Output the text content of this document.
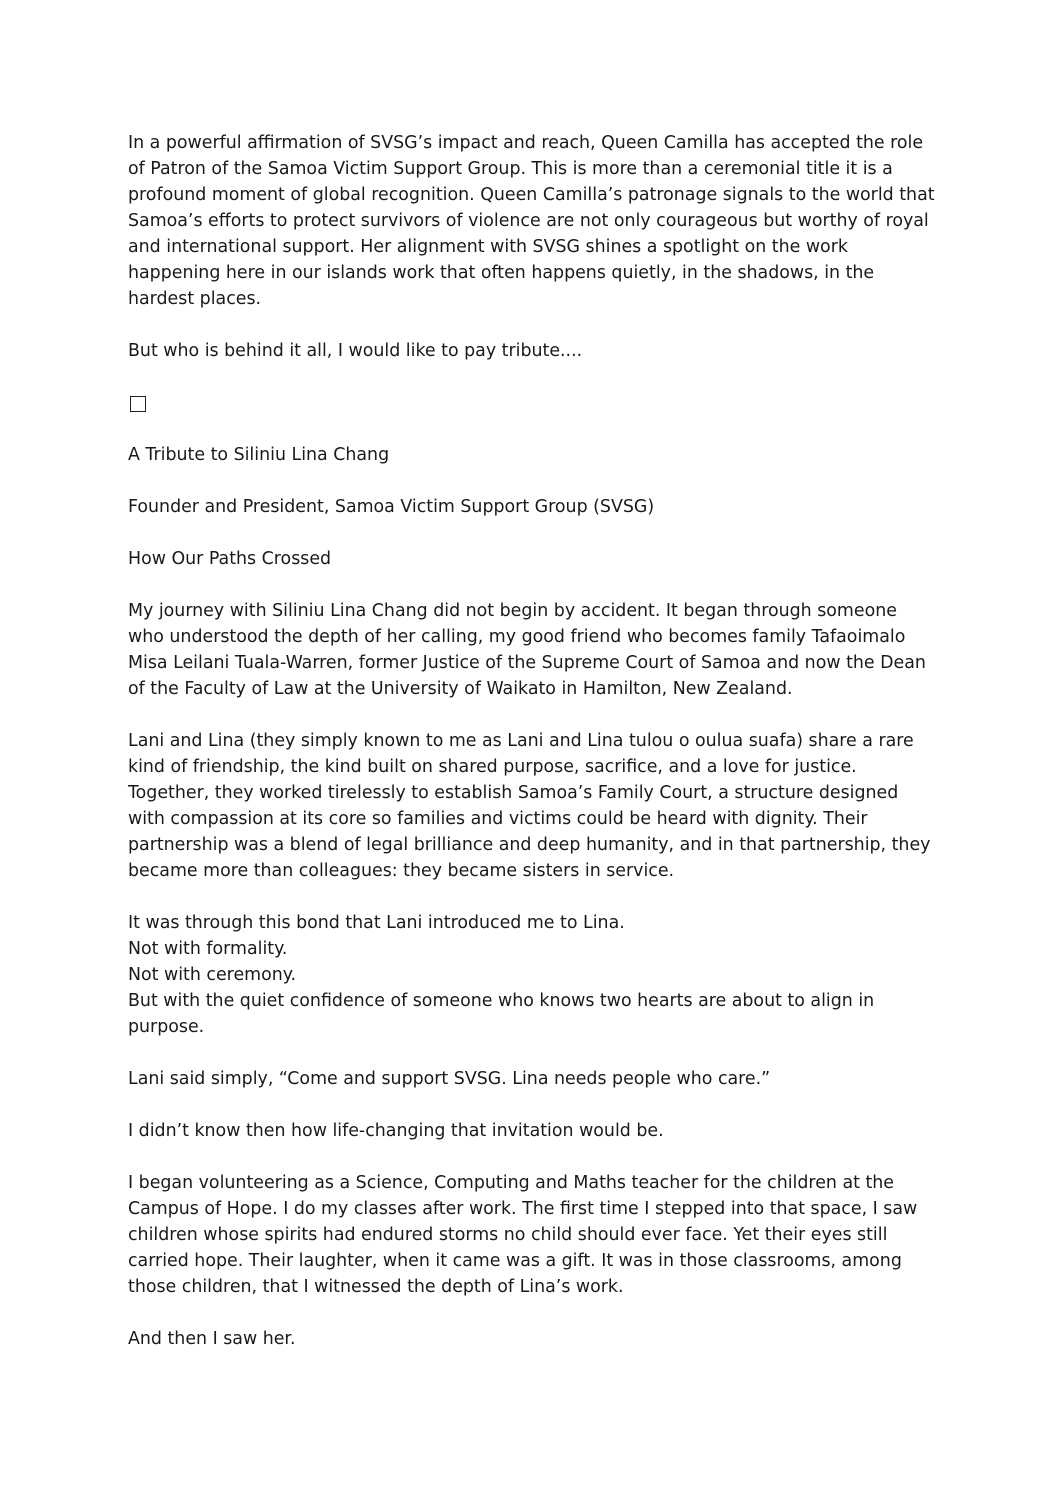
In a powerful affirmation of SVSG’s impact and reach, Queen Camilla has accepted the role of Patron of the Samoa Victim Support Group. This is more than a ceremonial title it is a profound moment of global recognition. Queen Camilla’s patronage signals to the world that Samoa’s efforts to protect survivors of violence are not only courageous but worthy of royal and international support. Her alignment with SVSG shines a spotlight on the work happening here in our islands work that often happens quietly, in the shadows, in the hardest places.

But who is behind it all, I would like to pay tribute....

A Tribute to Siliniu Lina Chang

Founder and President, Samoa Victim Support Group (SVSG)

How Our Paths Crossed

My journey with Siliniu Lina Chang did not begin by accident. It began through someone who understood the depth of her calling, my good friend who becomes family Tafaoimalo Misa Leilani Tuala-Warren, former Justice of the Supreme Court of Samoa and now the Dean of the Faculty of Law at the University of Waikato in Hamilton, New Zealand.

Lani and Lina (they simply known to me as Lani and Lina tulou o oulua suafa) share a rare kind of friendship, the kind built on shared purpose, sacrifice, and a love for justice. Together, they worked tirelessly to establish Samoa’s Family Court, a structure designed with compassion at its core so families and victims could be heard with dignity. Their partnership was a blend of legal brilliance and deep humanity, and in that partnership, they became more than colleagues: they became sisters in service.

It was through this bond that Lani introduced me to Lina.

Not with formality.

Not with ceremony.

But with the quiet confidence of someone who knows two hearts are about to align in purpose.

Lani said simply, “Come and support SVSG. Lina needs people who care.”

I didn’t know then how life-changing that invitation would be.

I began volunteering as a Science, Computing and Maths teacher for the children at the Campus of Hope. I do my classes after work. The first time I stepped into that space, I saw children whose spirits had endured storms no child should ever face. Yet their eyes still carried hope. Their laughter, when it came was a gift. It was in those classrooms, among those children, that I witnessed the depth of Lina’s work.

And then I saw her.
